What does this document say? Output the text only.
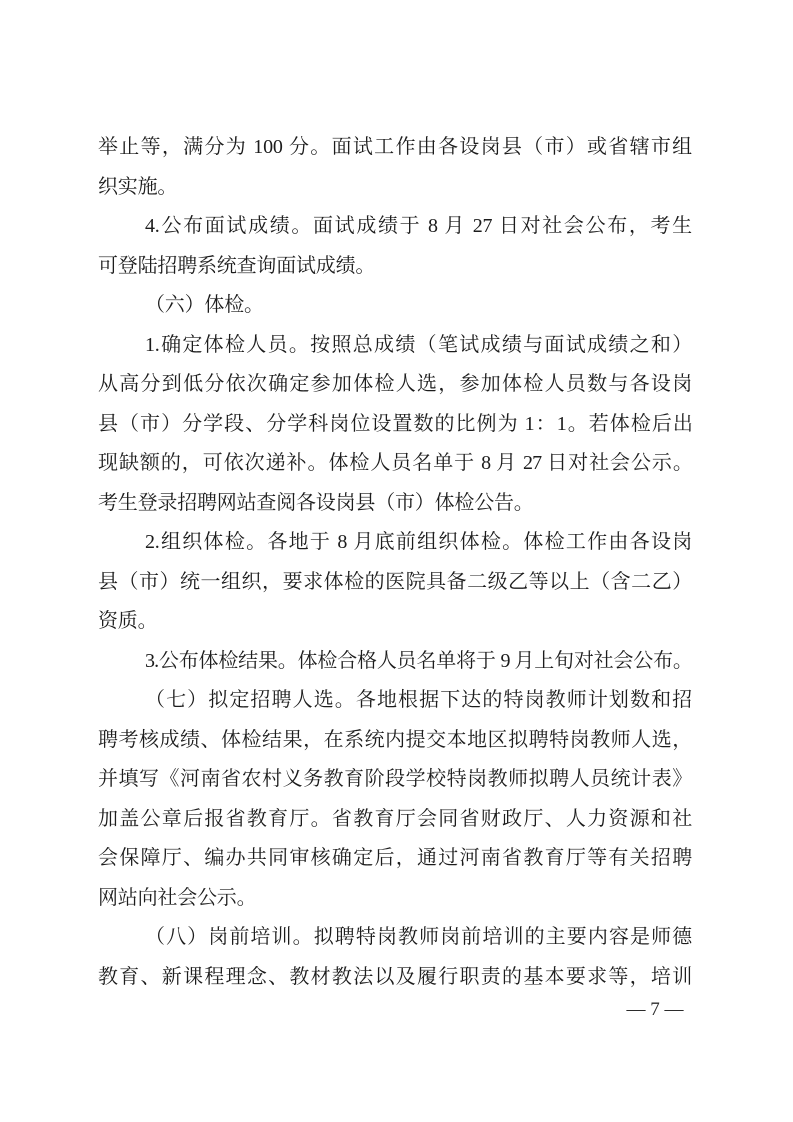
举止等，满分为 100 分。面试工作由各设岗县（市）或省辖市组
织实施。
4.公布面试成绩。面试成绩于 8 月 27 日对社会公布，考生
可登陆招聘系统查询面试成绩。
（六）体检。
1.确定体检人员。按照总成绩（笔试成绩与面试成绩之和）
从高分到低分依次确定参加体检人选，参加体检人员数与各设岗
县（市）分学段、分学科岗位设置数的比例为 1：1。若体检后出
现缺额的，可依次递补。体检人员名单于 8 月 27 日对社会公示。
考生登录招聘网站查阅各设岗县（市）体检公告。
2.组织体检。各地于 8 月底前组织体检。体检工作由各设岗
县（市）统一组织，要求体检的医院具备二级乙等以上（含二乙）
资质。
3.公布体检结果。体检合格人员名单将于 9 月上旬对社会公布。
（七）拟定招聘人选。各地根据下达的特岗教师计划数和招
聘考核成绩、体检结果，在系统内提交本地区拟聘特岗教师人选，
并填写《河南省农村义务教育阶段学校特岗教师拟聘人员统计表》
加盖公章后报省教育厅。省教育厅会同省财政厅、人力资源和社
会保障厅、编办共同审核确定后，通过河南省教育厅等有关招聘
网站向社会公示。
（八）岗前培训。拟聘特岗教师岗前培训的主要内容是师德
教育、新课程理念、教材教法以及履行职责的基本要求等，培训
— 7 —
